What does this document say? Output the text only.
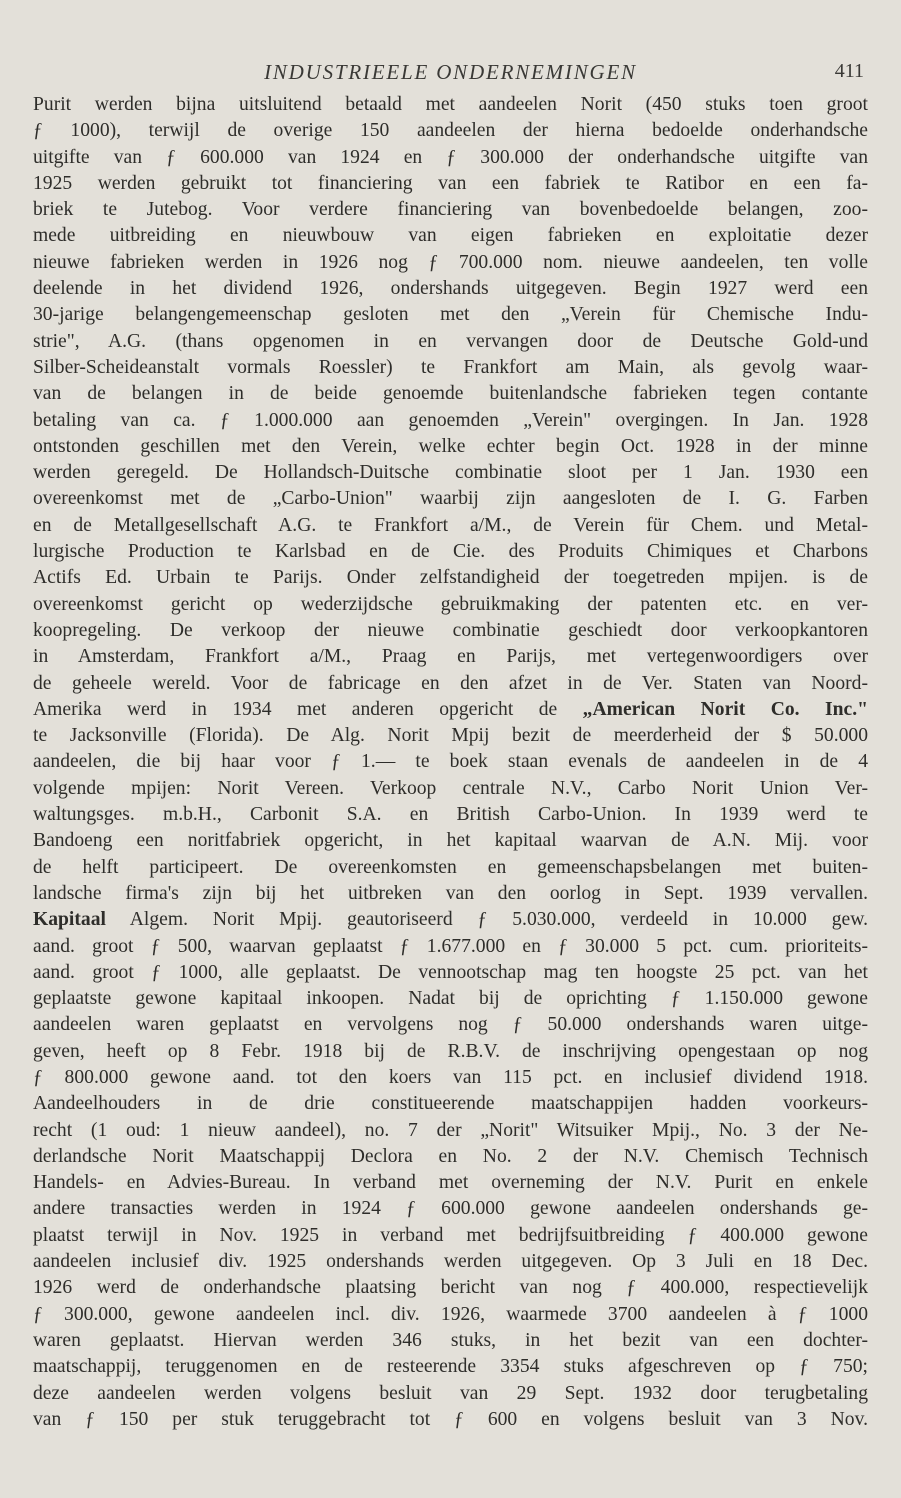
INDUSTRIEELE ONDERNEMINGEN	411
Purit werden bijna uitsluitend betaald met aandeelen Norit (450 stuks toen groot
ƒ 1000), terwijl de overige 150 aandeelen der hierna bedoelde onderhandsche
uitgifte van ƒ 600.000 van 1924 en ƒ 300.000 der onderhandsche uitgifte van
1925 werden gebruikt tot financiering van een fabriek te Ratibor en een fa-
briek te Jutebog. Voor verdere financiering van bovenbedoelde belangen, zoo-
mede uitbreiding en nieuwbouw van eigen fabrieken en exploitatie dezer
nieuwe fabrieken werden in 1926 nog ƒ 700.000 nom. nieuwe aandeelen, ten volle
deelende in het dividend 1926, ondershands uitgegeven. Begin 1927 werd een
30-jarige belangengemeenschap gesloten met den „Verein für Chemische Indu-
strie", A.G. (thans opgenomen in en vervangen door de Deutsche Gold-und
Silber-Scheideanstalt vormals Roessler) te Frankfort am Main, als gevolg waar-
van de belangen in de beide genoemde buitenlandsche fabrieken tegen contante
betaling van ca. ƒ 1.000.000 aan genoemden „Verein" overgingen. In Jan. 1928
ontstonden geschillen met den Verein, welke echter begin Oct. 1928 in der minne
werden geregeld. De Hollandsch-Duitsche combinatie sloot per 1 Jan. 1930 een
overeenkomst met de „Carbo-Union" waarbij zijn aangesloten de I. G. Farben
en de Metallgesellschaft A.G. te Frankfort a/M., de Verein für Chem. und Metal-
lurgische Production te Karlsbad en de Cie. des Produits Chimiques et Charbons
Actifs Ed. Urbain te Parijs. Onder zelfstandigheid der toegetreden mpijen. is de
overeenkomst gericht op wederzijdsche gebruikmaking der patenten etc. en ver-
koopregeling. De verkoop der nieuwe combinatie geschiedt door verkoopkantoren
in Amsterdam, Frankfort a/M., Praag en Parijs, met vertegenwoordigers over
de geheele wereld. Voor de fabricage en den afzet in de Ver. Staten van Noord-
Amerika werd in 1934 met anderen opgericht de „American Norit Co. Inc."
te Jacksonville (Florida). De Alg. Norit Mpij bezit de meerderheid der $ 50.000
aandeelen, die bij haar voor ƒ 1.— te boek staan evenals de aandeelen in de 4
volgende mpijen: Norit Vereen. Verkoop centrale N.V., Carbo Norit Union Ver-
waltungsges. m.b.H., Carbonit S.A. en British Carbo-Union. In 1939 werd te
Bandoeng een noritfabriek opgericht, in het kapitaal waarvan de A.N. Mij. voor
de helft participeert. De overeenkomsten en gemeenschapsbelangen met buiten-
landsche firma's zijn bij het uitbreken van den oorlog in Sept. 1939 vervallen.
Kapitaal Algem. Norit Mpij. geautoriseerd ƒ 5.030.000, verdeeld in 10.000 gew.
aand. groot ƒ 500, waarvan geplaatst ƒ 1.677.000 en ƒ 30.000 5 pct. cum. prioriteits-
aand. groot ƒ 1000, alle geplaatst. De vennootschap mag ten hoogste 25 pct. van het
geplaatste gewone kapitaal inkoopen. Nadat bij de oprichting ƒ 1.150.000 gewone
aandeelen waren geplaatst en vervolgens nog ƒ 50.000 ondershands waren uitge-
geven, heeft op 8 Febr. 1918 bij de R.B.V. de inschrijving opengestaan op nog
ƒ 800.000 gewone aand. tot den koers van 115 pct. en inclusief dividend 1918.
Aandeelhouders in de drie constitueerende maatschappijen hadden voorkeurs-
recht (1 oud: 1 nieuw aandeel), no. 7 der „Norit" Witsuiker Mpij., No. 3 der Ne-
derlandsche Norit Maatschappij Declora en No. 2 der N.V. Chemisch Technisch
Handels- en Advies-Bureau. In verband met overneming der N.V. Purit en enkele
andere transacties werden in 1924 ƒ 600.000 gewone aandeelen ondershands ge-
plaatst terwijl in Nov. 1925 in verband met bedrijfsuitbreiding ƒ 400.000 gewone
aandeelen inclusief div. 1925 ondershands werden uitgegeven. Op 3 Juli en 18 Dec.
1926 werd de onderhandsche plaatsing bericht van nog ƒ 400.000, respectievelijk
ƒ 300.000, gewone aandeelen incl. div. 1926, waarmede 3700 aandeelen à ƒ 1000
waren geplaatst. Hiervan werden 346 stuks, in het bezit van een dochter-
maatschappij, teruggenomen en de resteerende 3354 stuks afgeschreven op ƒ 750;
deze aandeelen werden volgens besluit van 29 Sept. 1932 door terugbetaling
van ƒ 150 per stuk teruggebracht tot ƒ 600 en volgens besluit van 3 Nov.
